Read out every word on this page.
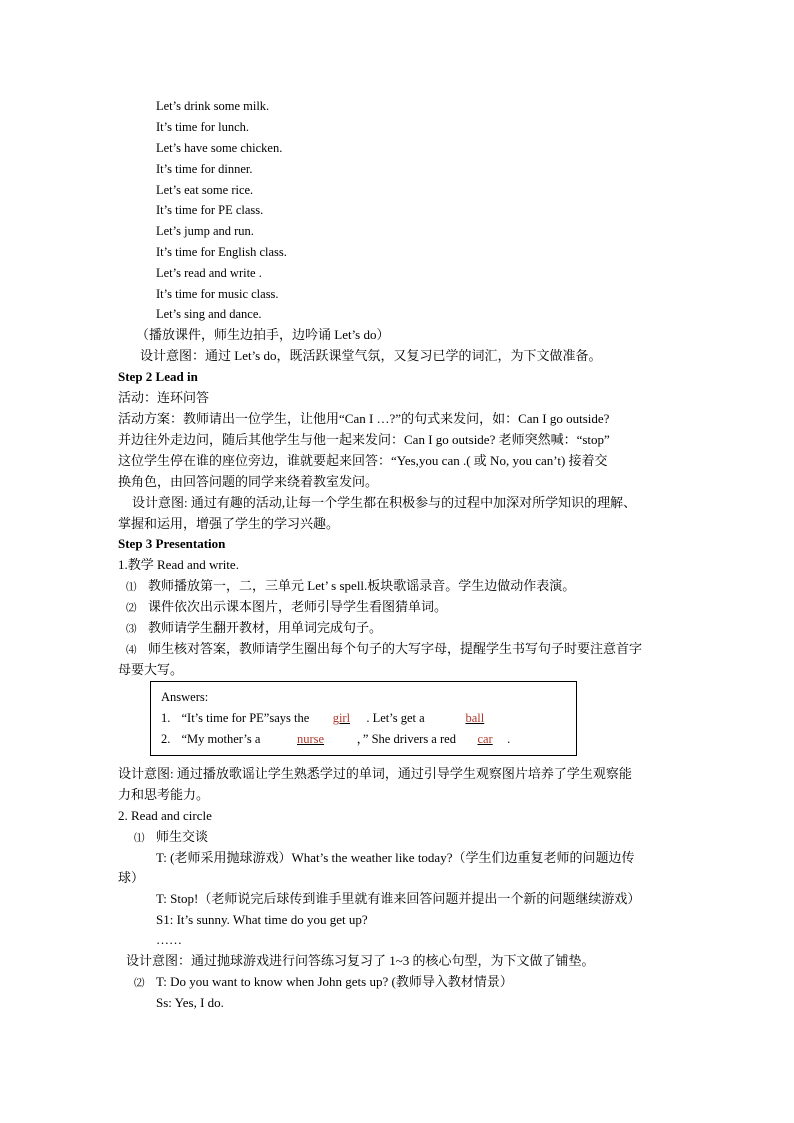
Let’s drink some milk.
It’s time for lunch.
Let’s have some chicken.
It’s time for dinner.
Let’s eat some rice.
It’s time for PE class.
Let’s jump and run.
It’s time for English class.
Let’s read and write .
It’s time for music class.
Let’s sing and dance.
（播放课件，师生边拍手，边吟诵 Let’s do）
设计意图：通过 Let’s do，既活跃课堂气氛，又复习已学的词汇，为下文做准备。
Step 2 Lead in
活动：连环问答
活动方案：教师请出一位学生，让他用“Can I …?”的句式来发问，如：Can I go outside?
并边往外走边问，随后其他学生与他一起来发问：Can I go outside? 老师突然喊：“stop”
这位学生停在谁的座位旁边，谁就要起来回答：“Yes,you can .( 或 No, you can’t) 接着交
换角色，由回答问题的同学来绕着教室发问。
设计意图: 通过有趣的活动,让每一个学生都在积极参与的过程中加深对所学知识的理解、
掌握和运用，增强了学生的学习兴趣。
Step 3 Presentation
1.教学 Read and write.
⑴ 教师播放第一，二，三单元 Let’ s spell.板块歌谣录音。学生边做动作表演。
⑵ 课件依次出示课本图片，老师引导学生看图猜单词。
⑶ 教师请学生翻开教材，用单词完成句子。
⑷ 师生核对答案，教师请学生圈出每个句子的大写字母，提醒学生书写句子时要注意首字
母要大写。
Answers:
1. “It’s time for PE”says the girl . Let’s get a	ball
2. “My mother’s a	nurse	，” She drivers a red car .
设计意图: 通过播放歌谣让学生熟悉学过的单词，通过引导学生观察图片培养了学生观察能
力和思考能力。
2. Read and circle
⑴ 师生交谈
T: (老师采用抛球游戏）What’s the weather like today?（学生们边重复老师的问题边传
球）
T: Stop!（老师说完后球传到谁手里就有谁来回答问题并提出一个新的问题继续游戏）
S1: It’s sunny. What time do you get up?
……
设计意图：通过抛球游戏进行问答练习复习了 1~3 的核心句型，为下文做了铺垫。
⑵ T: Do you want to know when John gets up? (教师导入教材情景）
Ss: Yes, I do.
